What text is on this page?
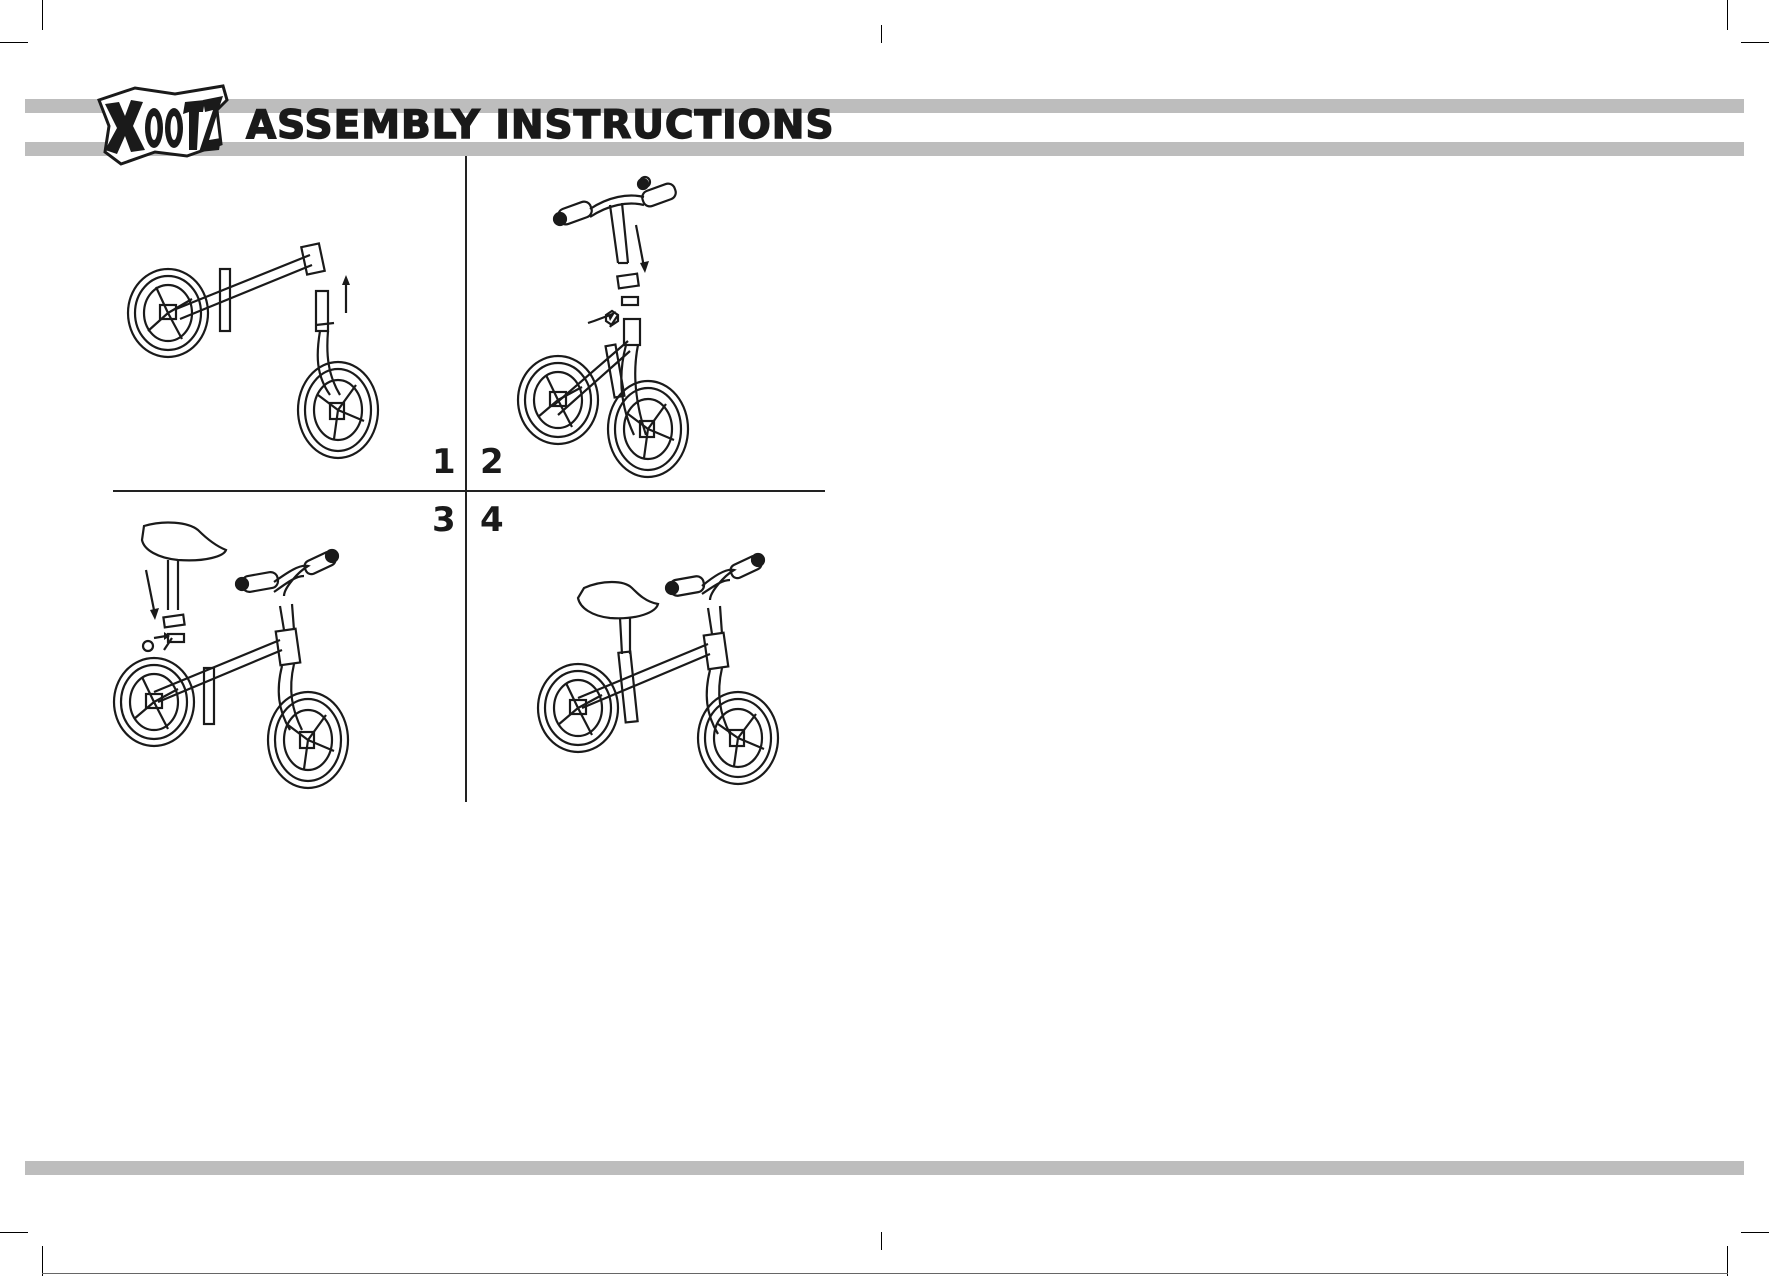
ASSEMBLY INSTRUCTIONS
1 2
3 4
